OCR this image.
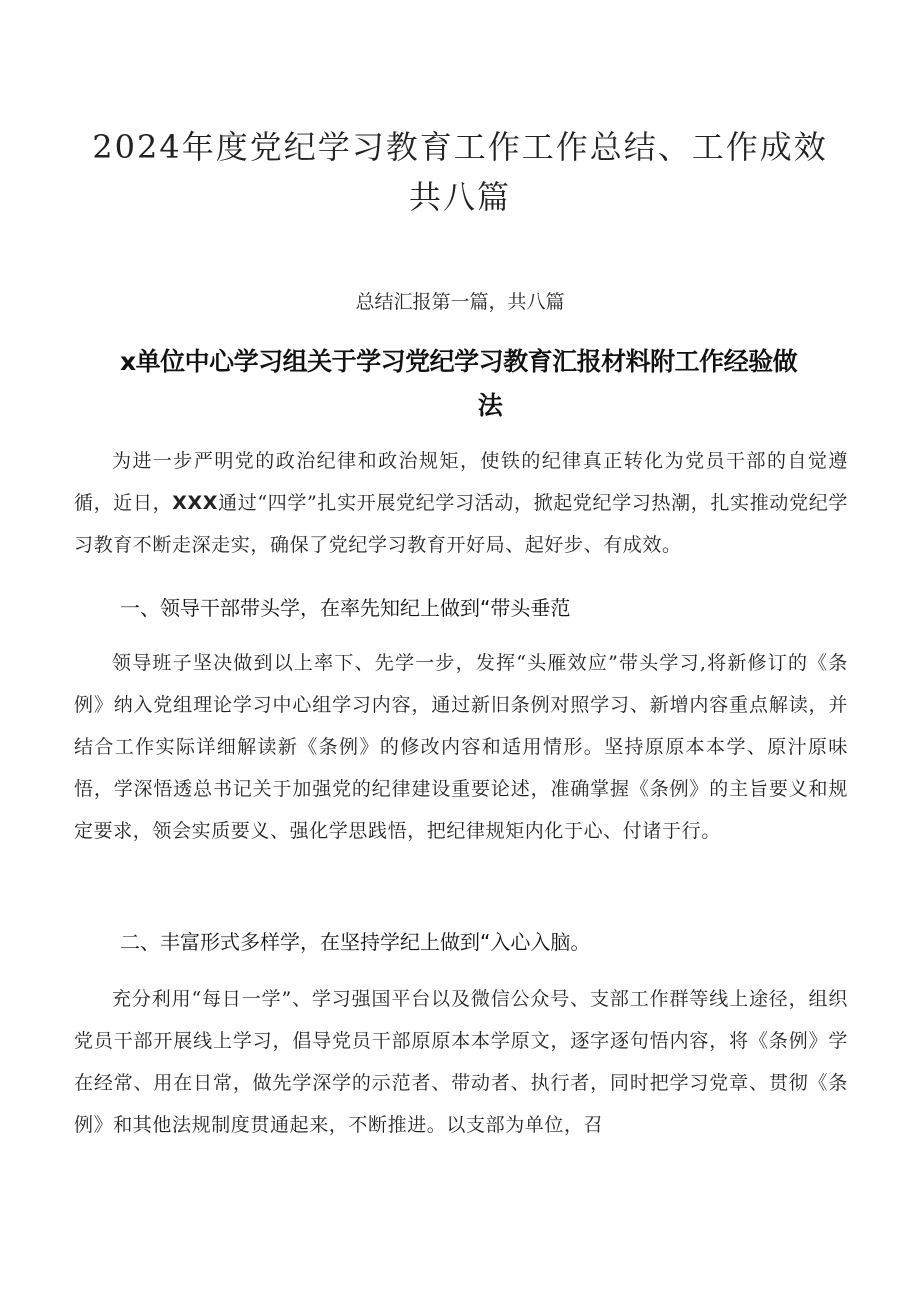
2024年度党纪学习教育工作工作总结、工作成效共八篇
总结汇报第一篇，共八篇
x单位中心学习组关于学习党纪学习教育汇报材料附工作经验做
法

为进一步严明党的政治纪律和政治规矩，使铁的纪律真正转化为党员干部的自觉遵循，近日，XXX通过“四学”扎实开展党纪学习活动，掀起党纪学习热潮，扎实推动党纪学习教育不断走深走实，确保了党纪学习教育开好局、起好步、有成效。

一、领导干部带头学，在率先知纪上做到“带头垂范

领导班子坚决做到以上率下、先学一步，发挥“头雁效应”带头学习,将新修订的《条例》纳入党组理论学习中心组学习内容，通过新旧条例对照学习、新增内容重点解读，并结合工作实际详细解读新《条例》的修改内容和适用情形。坚持原原本本学、原汁原味悟，学深悟透总书记关于加强党的纪律建设重要论述，准确掌握《条例》的主旨要义和规定要求，领会实质要义、强化学思践悟，把纪律规矩内化于心、付诸于行。

二、丰富形式多样学，在坚持学纪上做到“入心入脑。

充分利用“每日一学”、学习强国平台以及微信公众号、支部工作群等线上途径，组织党员干部开展线上学习，倡导党员干部原原本本学原文，逐字逐句悟内容，将《条例》学在经常、用在日常，做先学深学的示范者、带动者、执行者，同时把学习党章、贯彻《条例》和其他法规制度贯通起来，不断推进。以支部为单位，召
